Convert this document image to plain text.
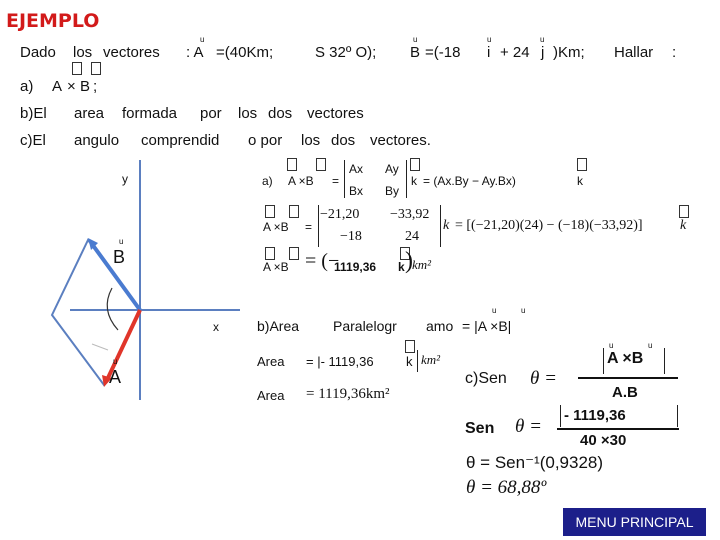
EJEMPLO
Dado los vectores
u
: A =(40Km;	S 32º O);
u
B =(-18
u
i + 24
u
j )Km; Hallar :
a) A × B ;
b)El area formada por los dos vectores
c)El angulo comprendid o por los dos vectores.
y
x
u
B
u
A
a) A ×B =
Ax Ay
Bx By
k = (Ax.By − Ay.Bx)	k
A ×B =
−21,20 −33,92
−18	24
k = [(−21,20)(24) − (−18)(−33,92)]	k
A ×B = (−
1119,36 k km²
)
b)Area Paralelogr amo
u	u
= |A ×B|
Area = |- 1119,36 k km²
Area = 1119,36km²
c)Sen θ =
u	u
A ×B
A.B
Sen θ =
- 1119,36
40 ×30
θ = Sen⁻¹(0,9328)
θ = 68,88º
MENU PRINCIPAL
